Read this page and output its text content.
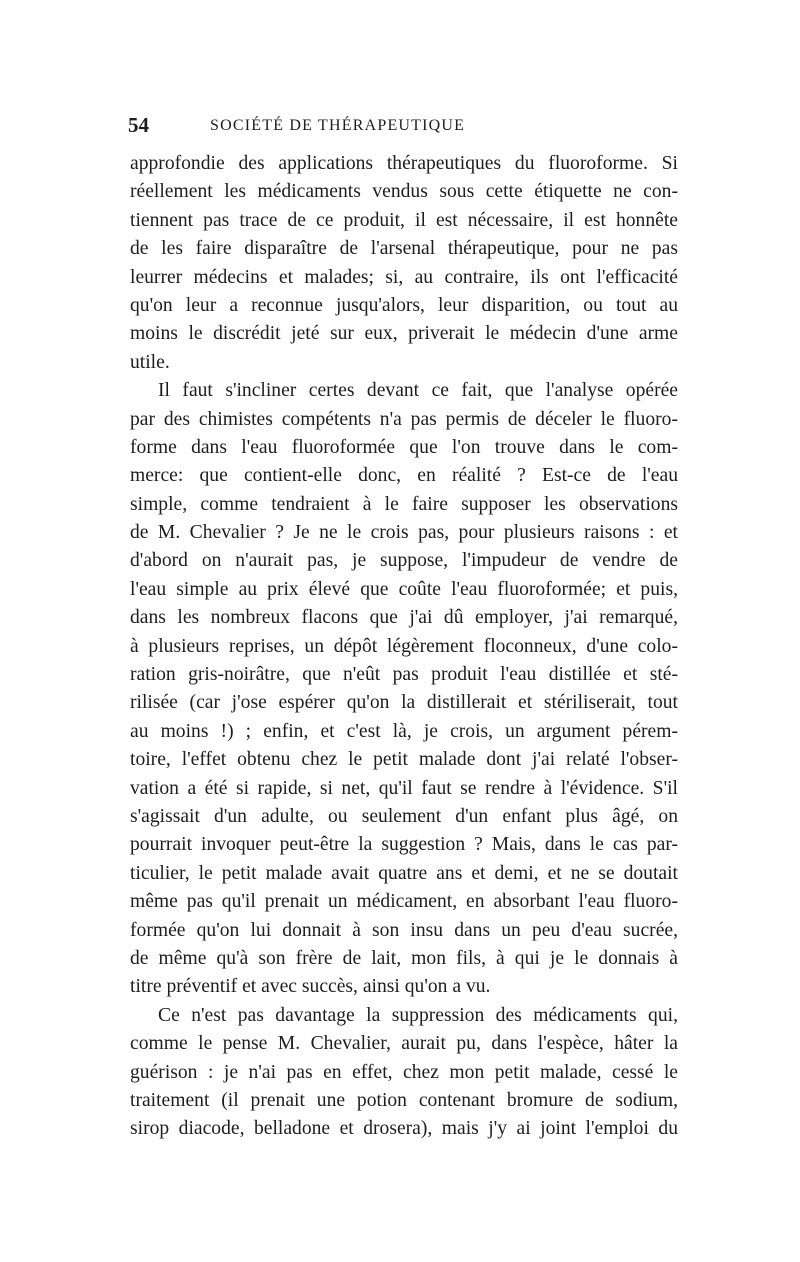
54	SOCIÉTÉ DE THÉRAPEUTIQUE
approfondie des applications thérapeutiques du fluoroforme. Si
réellement les médicaments vendus sous cette étiquette ne con-
tiennent pas trace de ce produit, il est nécessaire, il est honnête
de les faire disparaître de l'arsenal thérapeutique, pour ne pas
leurrer médecins et malades; si, au contraire, ils ont l'efficacité
qu'on leur a reconnue jusqu'alors, leur disparition, ou tout au
moins le discrédit jeté sur eux, priverait le médecin d'une arme
utile.
Il faut s'incliner certes devant ce fait, que l'analyse opérée
par des chimistes compétents n'a pas permis de déceler le fluoro-
forme dans l'eau fluoroformée que l'on trouve dans le com-
merce: que contient-elle donc, en réalité ? Est-ce de l'eau
simple, comme tendraient à le faire supposer les observations
de M. Chevalier ? Je ne le crois pas, pour plusieurs raisons : et
d'abord on n'aurait pas, je suppose, l'impudeur de vendre de
l'eau simple au prix élevé que coûte l'eau fluoroformée; et puis,
dans les nombreux flacons que j'ai dû employer, j'ai remarqué,
à plusieurs reprises, un dépôt légèrement floconneux, d'une colo-
ration gris-noirâtre, que n'eût pas produit l'eau distillée et sté-
rilisée (car j'ose espérer qu'on la distillerait et stériliserait, tout
au moins !) ; enfin, et c'est là, je crois, un argument pérem-
toire, l'effet obtenu chez le petit malade dont j'ai relaté l'obser-
vation a été si rapide, si net, qu'il faut se rendre à l'évidence. S'il
s'agissait d'un adulte, ou seulement d'un enfant plus âgé, on
pourrait invoquer peut-être la suggestion ? Mais, dans le cas par-
ticulier, le petit malade avait quatre ans et demi, et ne se doutait
même pas qu'il prenait un médicament, en absorbant l'eau fluoro-
formée qu'on lui donnait à son insu dans un peu d'eau sucrée,
de même qu'à son frère de lait, mon fils, à qui je le donnais à
titre préventif et avec succès, ainsi qu'on a vu.
Ce n'est pas davantage la suppression des médicaments qui,
comme le pense M. Chevalier, aurait pu, dans l'espèce, hâter la
guérison : je n'ai pas en effet, chez mon petit malade, cessé le
traitement (il prenait une potion contenant bromure de sodium,
sirop diacode, belladone et drosera), mais j'y ai joint l'emploi du
